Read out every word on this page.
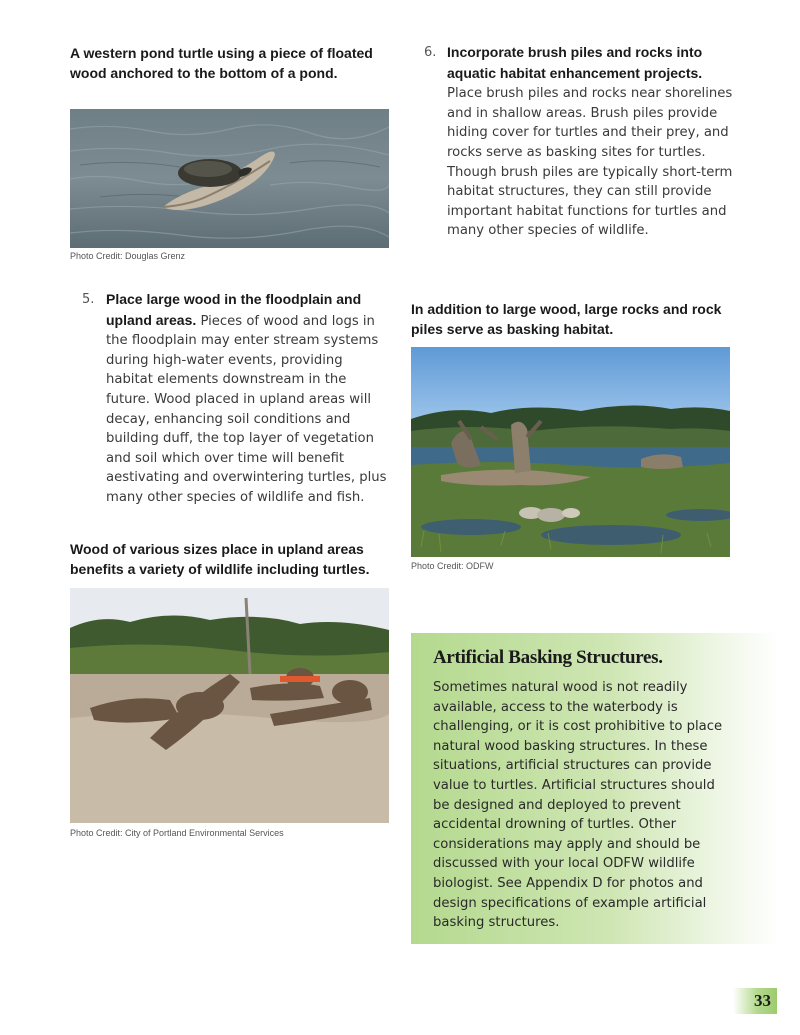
A western pond turtle using a piece of floated wood anchored to the bottom of a pond.
Photo Credit: Douglas Grenz
6. Incorporate brush piles and rocks into aquatic habitat enhancement projects. Place brush piles and rocks near shorelines and in shallow areas. Brush piles provide hiding cover for turtles and their prey, and rocks serve as basking sites for turtles. Though brush piles are typically short-term habitat structures, they can still provide important habitat functions for turtles and many other species of wildlife.
5. Place large wood in the floodplain and upland areas. Pieces of wood and logs in the floodplain may enter stream systems during high-water events, providing habitat elements downstream in the future. Wood placed in upland areas will decay, enhancing soil conditions and building duff, the top layer of vegetation and soil which over time will benefit aestivating and overwintering turtles, plus many other species of wildlife and fish.
In addition to large wood, large rocks and rock piles serve as basking habitat.
Photo Credit: ODFW
Wood of various sizes place in upland areas benefits a variety of wildlife including turtles.
Photo Credit: City of Portland Environmental Services
Artificial Basking Structures.
Sometimes natural wood is not readily available, access to the waterbody is challenging, or it is cost prohibitive to place natural wood basking structures. In these situations, artificial structures can provide value to turtles. Artificial structures should be designed and deployed to prevent accidental drowning of turtles. Other considerations may apply and should be discussed with your local ODFW wildlife biologist. See Appendix D for photos and design specifications of example artificial basking structures.
33
